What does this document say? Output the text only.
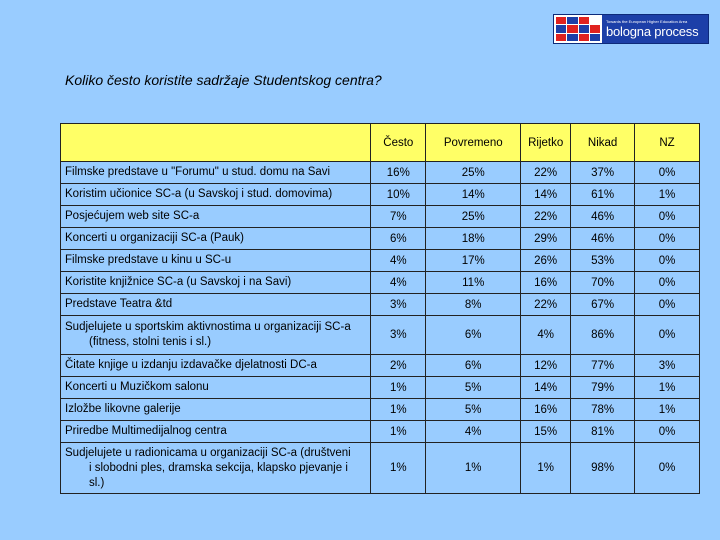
Towards the European Higher Education Area
bologna process
Koliko često koristite sadržaje Studentskog centra?
	Često	Povremeno	Rijetko	Nikad	NZ

Filmske predstave u "Forumu" u stud. domu na Savi	16%	25%	22%	37%	0%

Koristim učionice SC-a (u Savskoj i stud. domovima)	10%	14%	14%	61%	1%

Posjećujem web site SC-a	7%	25%	22%	46%	0%

Koncerti u organizaciji SC-a (Pauk)	6%	18%	29%	46%	0%

Filmske predstave u kinu u SC-u	4%	17%	26%	53%	0%

Koristite knjižnice SC-a (u Savskoj i na Savi)	4%	11%	16%	70%	0%

Predstave Teatra &td	3%	8%	22%	67%	0%

Sudjelujete u sportskim aktivnostima u organizaciji SC-a
(fitness, stolni tenis i sl.)	3%	6%	4%	86%	0%

Čitate knjige u izdanju izdavačke djelatnosti DC-a	2%	6%	12%	77%	3%

Koncerti u Muzičkom salonu	1%	5%	14%	79%	1%

Izložbe likovne galerije	1%	5%	16%	78%	1%

Priredbe Multimedijalnog centra	1%	4%	15%	81%	0%

Sudjelujete u radionicama u organizaciji SC-a (društveni
i slobodni ples, dramska sekcija, klapsko pjevanje i
sl.)	1%	1%	1%	98%	0%
